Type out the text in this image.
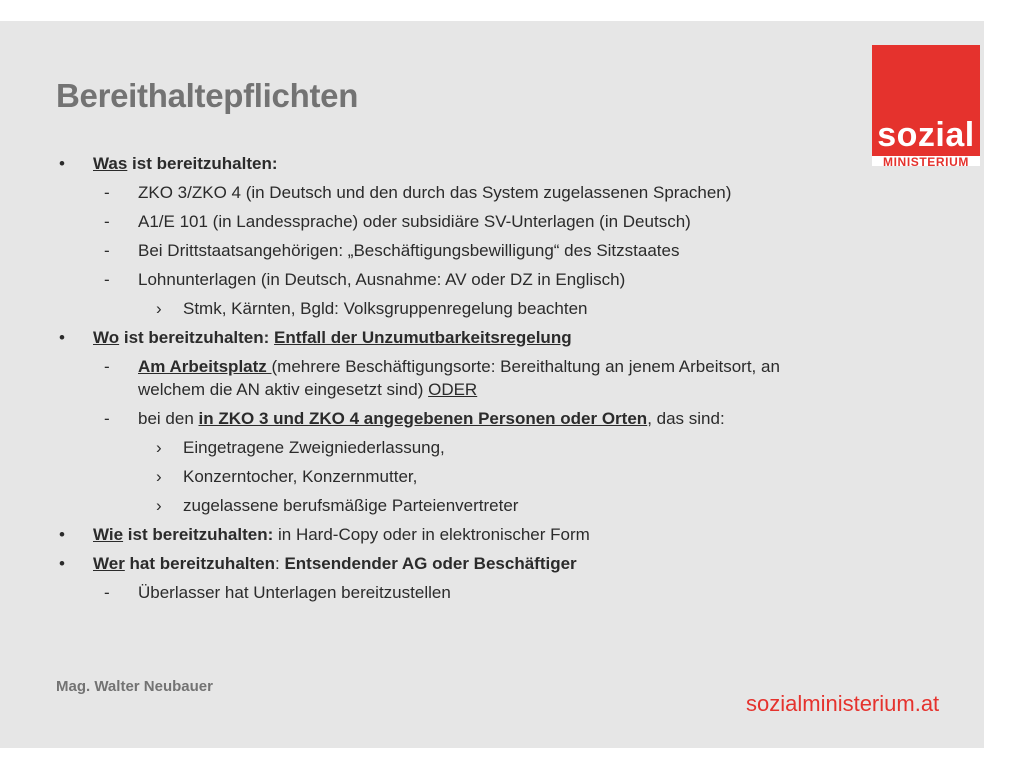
Bereithaltepflichten
sozial
MINISTERIUM
• Was ist bereitzuhalten:
- ZKO 3/ZKO 4 (in Deutsch und den durch das System zugelassenen Sprachen)
- A1/E 101 (in Landessprache) oder subsidiäre SV-Unterlagen (in Deutsch)
- Bei Drittstaatsangehörigen: „Beschäftigungsbewilligung“ des Sitzstaates
- Lohnunterlagen (in Deutsch, Ausnahme: AV oder DZ in Englisch)
› Stmk, Kärnten, Bgld: Volksgruppenregelung beachten
• Wo ist bereitzuhalten: Entfall der Unzumutbarkeitsregelung
- Am Arbeitsplatz (mehrere Beschäftigungsorte: Bereithaltung an jenem Arbeitsort, an
welchem die AN aktiv eingesetzt sind) ODER
- bei den in ZKO 3 und ZKO 4 angegebenen Personen oder Orten, das sind:
› Eingetragene Zweigniederlassung,
› Konzerntocher, Konzernmutter,
› zugelassene berufsmäßige Parteienvertreter
• Wie ist bereitzuhalten: in Hard-Copy oder in elektronischer Form
• Wer hat bereitzuhalten: Entsendender AG oder Beschäftiger
- Überlasser hat Unterlagen bereitzustellen
Mag. Walter Neubauer
sozialministerium.at
